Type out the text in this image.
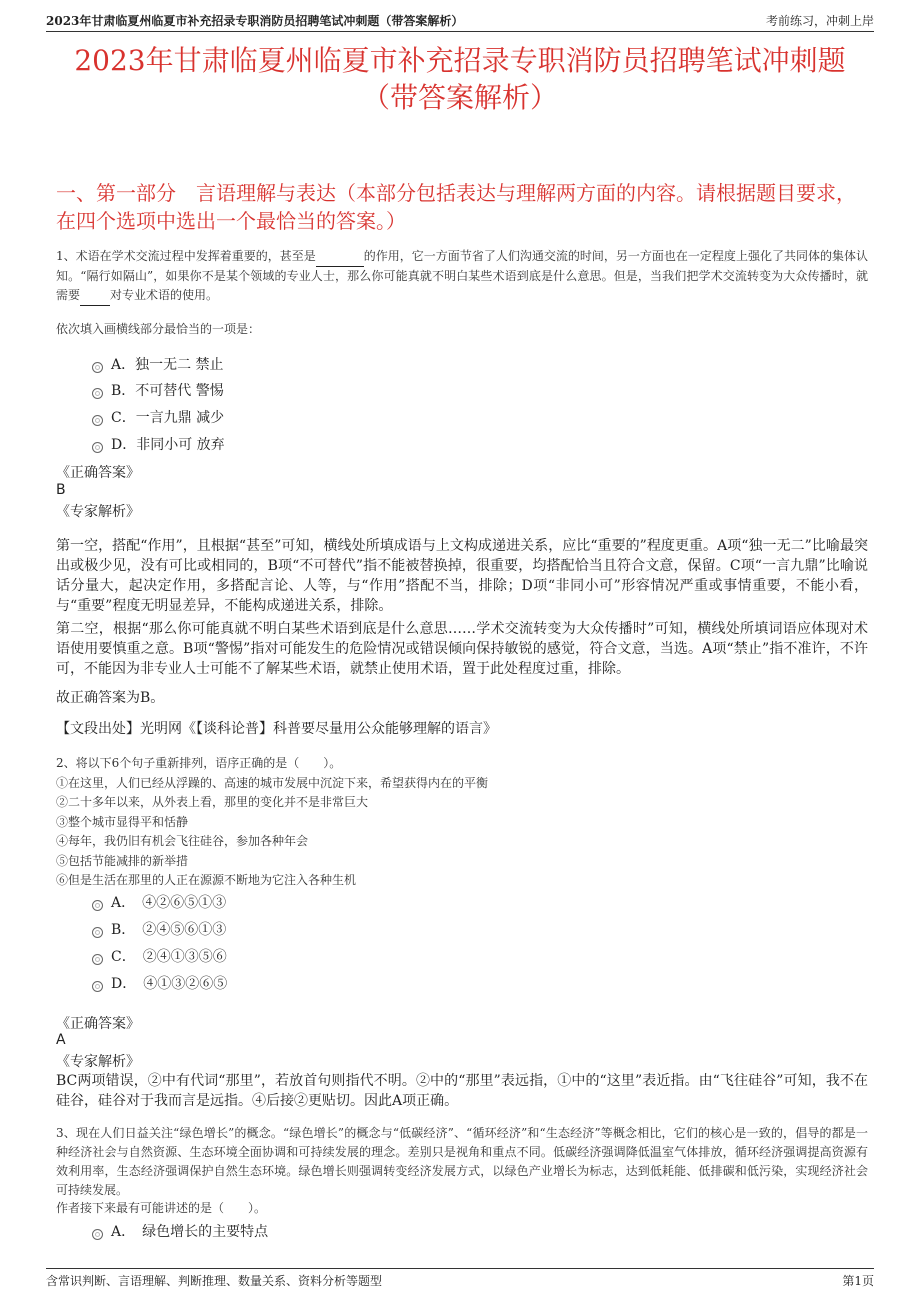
2023年甘肃临夏州临夏市补充招录专职消防员招聘笔试冲刺题（带答案解析）	考前练习，冲刺上岸
2023年甘肃临夏州临夏市补充招录专职消防员招聘笔试冲刺题
（带答案解析）
一、第一部分　言语理解与表达（本部分包括表达与理解两方面的内容。请根据题目要求，在四个选项中选出一个最恰当的答案。）
1、术语在学术交流过程中发挥着重要的，甚至是	的作用，它一方面节省了人们沟通交流的时间，另一方面也在一定程度上强化了共同体的集体认知。“隔行如隔山”，如果你不是某个领域的专业人士，那么你可能真就不明白某些术语到底是什么意思。但是，当我们把学术交流转变为大众传播时，就需要	对专业术语的使用。
依次填入画横线部分最恰当的一项是：
A．独一无二 禁止
B．不可替代 警惕
C．一言九鼎 减少
D．非同小可 放弃
《正确答案》
B
《专家解析》
第一空，搭配“作用”，且根据“甚至”可知，横线处所填成语与上文构成递进关系，应比“重要的”程度更重。A项“独一无二”比喻最突出或极少见，没有可比或相同的，B项“不可替代”指不能被替换掉，很重要，均搭配恰当且符合文意，保留。C项“一言九鼎”比喻说话分量大，起决定作用，多搭配言论、人等，与“作用”搭配不当，排除；D项“非同小可”形容情况严重或事情重要，不能小看，与“重要”程度无明显差异，不能构成递进关系，排除。
第二空，根据“那么你可能真就不明白某些术语到底是什么意思……学术交流转变为大众传播时”可知，横线处所填词语应体现对术语使用要慎重之意。B项“警惕”指对可能发生的危险情况或错误倾向保持敏锐的感觉，符合文意，当选。A项“禁止”指不准许，不许可，不能因为非专业人士可能不了解某些术语，就禁止使用术语，置于此处程度过重，排除。
故正确答案为B。
【文段出处】光明网《【谈科论普】科普要尽量用公众能够理解的语言》
2、将以下6个句子重新排列，语序正确的是（　　）。
①在这里，人们已经从浮躁的、高速的城市发展中沉淀下来，希望获得内在的平衡
②二十多年以来，从外表上看，那里的变化并不是非常巨大
③整个城市显得平和恬静
④每年，我仍旧有机会飞往硅谷，参加各种年会
⑤包括节能减排的新举措
⑥但是生活在那里的人正在源源不断地为它注入各种生机
A．　④②⑥⑤①③
B．　②④⑤⑥①③
C．　②④①③⑤⑥
D．　④①③②⑥⑤
《正确答案》
A
《专家解析》
BC两项错误，②中有代词“那里”，若放首句则指代不明。②中的“那里”表远指，①中的“这里”表近指。由“飞往硅谷”可知，我不在硅谷，硅谷对于我而言是远指。④后接②更贴切。因此A项正确。
3、现在人们日益关注“绿色增长”的概念。“绿色增长”的概念与“低碳经济”、“循环经济”和“生态经济”等概念相比，它们的核心是一致的，倡导的都是一种经济社会与自然资源、生态环境全面协调和可持续发展的理念。差别只是视角和重点不同。低碳经济强调降低温室气体排放，循环经济强调提高资源有效利用率，生态经济强调保护自然生态环境。绿色增长则强调转变经济发展方式，以绿色产业增长为标志，达到低耗能、低排碳和低污染，实现经济社会可持续发展。
作者接下来最有可能讲述的是（　　）。
A．　绿色增长的主要特点
含常识判断、言语理解、判断推理、数量关系、资料分析等题型	第1页
